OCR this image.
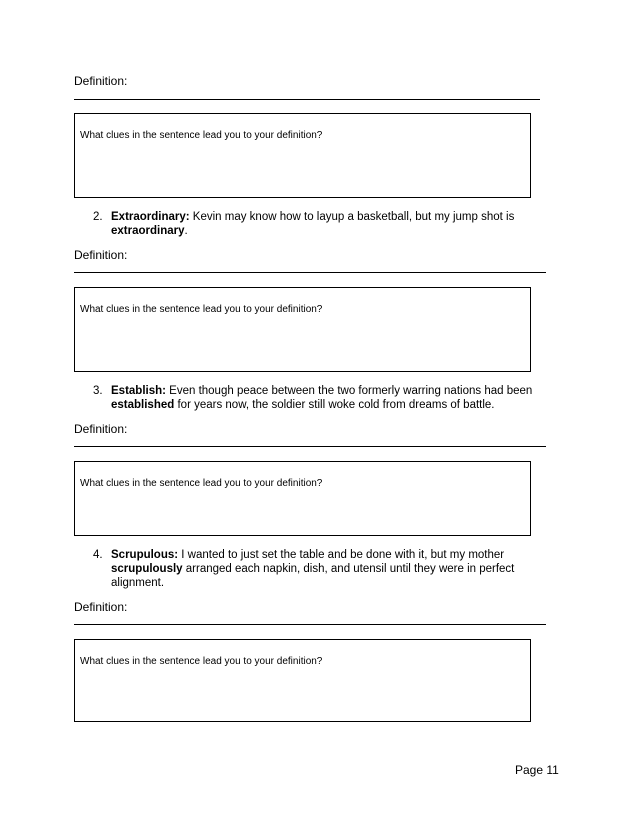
Definition:
What clues in the sentence lead you to your definition?
2. Extraordinary: Kevin may know how to layup a basketball, but my jump shot is extraordinary.
Definition:
What clues in the sentence lead you to your definition?
3. Establish: Even though peace between the two formerly warring nations had been established for years now, the soldier still woke cold from dreams of battle.
Definition:
What clues in the sentence lead you to your definition?
4. Scrupulous: I wanted to just set the table and be done with it, but my mother scrupulously arranged each napkin, dish, and utensil until they were in perfect alignment.
Definition:
What clues in the sentence lead you to your definition?
Page 11
